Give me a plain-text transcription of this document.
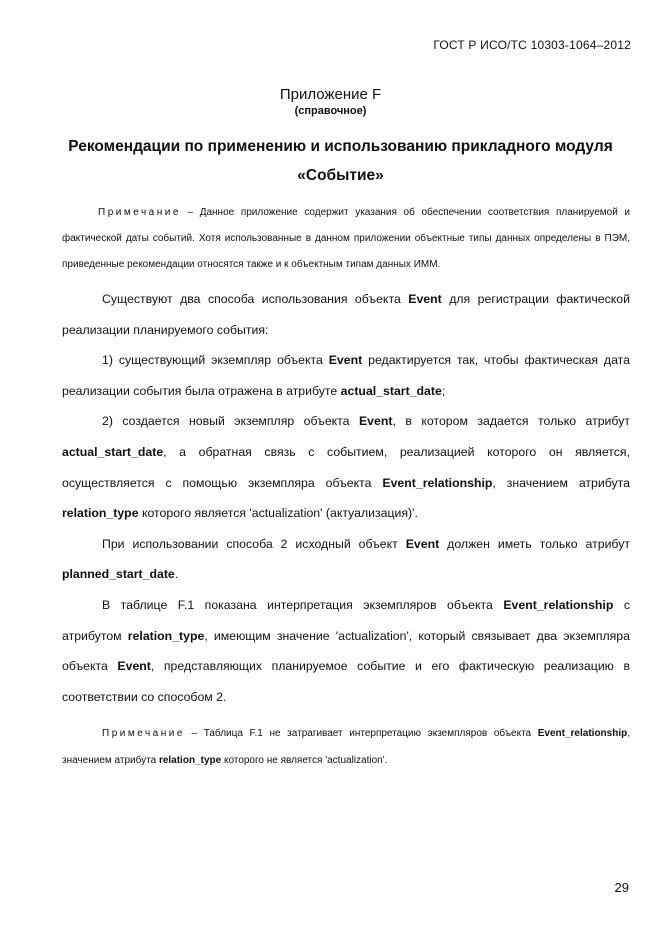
ГОСТ Р ИСО/ТС 10303-1064–2012
Приложение F
(справочное)
Рекомендации по применению и использованию прикладного модуля
«Событие»

Примечание – Данное приложение содержит указания об обеспечении соответствия планируемой и фактической даты событий. Хотя использованные в данном приложении объектные типы данных определены в ПЭМ, приведенные рекомендации относятся также и к объектным типам данных ИММ.

Существуют два способа использования объекта Event для регистрации фактической реализации планируемого события:

1) существующий экземпляр объекта Event редактируется так, чтобы фактическая дата реализации события была отражена в атрибуте actual_start_date;

2) создается новый экземпляр объекта Event, в котором задается только атрибут actual_start_date, а обратная связь с событием, реализацией которого он является, осуществляется с помощью экземпляра объекта Event_relationship, значением атрибута relation_type которого является 'actualization' (актуализация)'.

При использовании способа 2 исходный объект Event должен иметь только атрибут planned_start_date.

В таблице F.1 показана интерпретация экземпляров объекта Event_relationship с атрибутом relation_type, имеющим значение 'actualization', который связывает два экземпляра объекта Event, представляющих планируемое событие и его фактическую реализацию в соответствии со способом 2.

Примечание – Таблица F.1 не затрагивает интерпретацию экземпляров объекта Event_relationship, значением атрибута relation_type которого не является 'actualization'.

29
